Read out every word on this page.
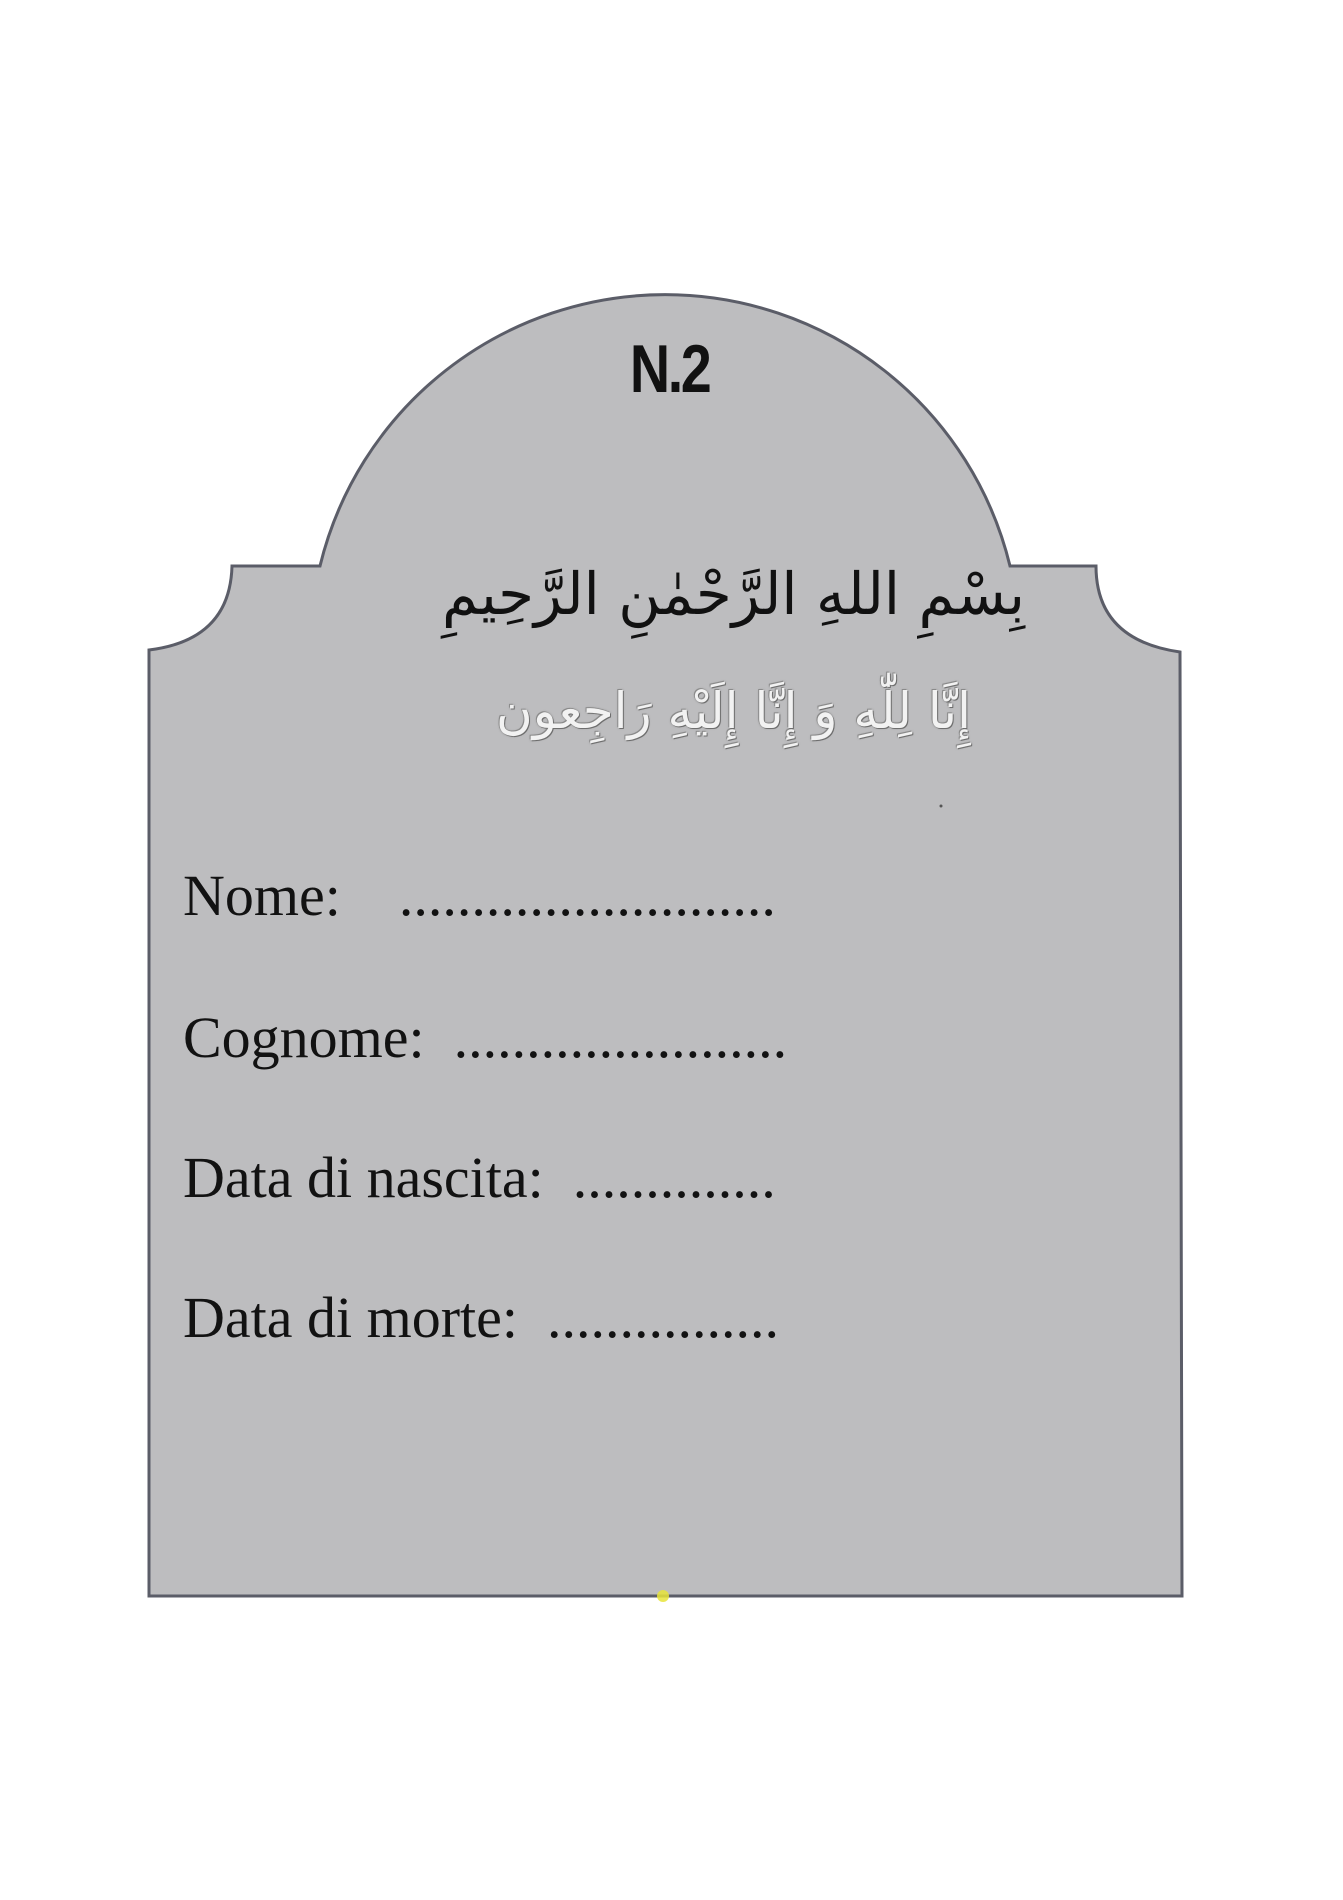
N.2
بِسْمِ اللهِ الرَّحْمٰنِ الرَّحِيمِ
إِنَّا لِلّٰهِ وَ إِنَّا إِلَيْهِ رَاجِعون
Nome:    ..........................
Cognome:  .......................
Data di nascita:  ..............
Data di morte:  ................
